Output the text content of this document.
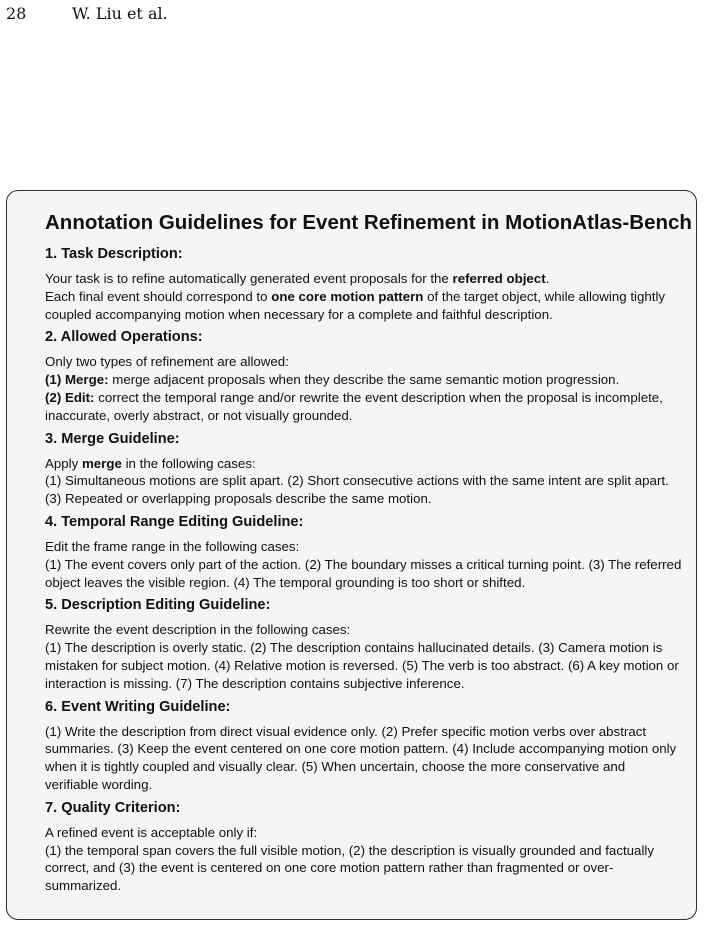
28	W. Liu et al.
Annotation Guidelines for Event Refinement in MotionAtlas-Bench
1. Task Description:
Your task is to refine automatically generated event proposals for the referred object.
Each final event should correspond to one core motion pattern of the target object, while allowing tightly coupled accompanying motion when necessary for a complete and faithful description.
2. Allowed Operations:
Only two types of refinement are allowed:
(1) Merge: merge adjacent proposals when they describe the same semantic motion progression.
(2) Edit: correct the temporal range and/or rewrite the event description when the proposal is incomplete, inaccurate, overly abstract, or not visually grounded.
3. Merge Guideline:
Apply merge in the following cases:
(1) Simultaneous motions are split apart. (2) Short consecutive actions with the same intent are split apart. (3) Repeated or overlapping proposals describe the same motion.
4. Temporal Range Editing Guideline:
Edit the frame range in the following cases:
(1) The event covers only part of the action. (2) The boundary misses a critical turning point. (3) The referred object leaves the visible region. (4) The temporal grounding is too short or shifted.
5. Description Editing Guideline:
Rewrite the event description in the following cases:
(1) The description is overly static. (2) The description contains hallucinated details. (3) Camera motion is mistaken for subject motion. (4) Relative motion is reversed. (5) The verb is too abstract. (6) A key motion or interaction is missing. (7) The description contains subjective inference.
6. Event Writing Guideline:
(1) Write the description from direct visual evidence only. (2) Prefer specific motion verbs over abstract summaries. (3) Keep the event centered on one core motion pattern. (4) Include accompanying motion only when it is tightly coupled and visually clear. (5) When uncertain, choose the more conservative and verifiable wording.
7. Quality Criterion:
A refined event is acceptable only if:
(1) the temporal span covers the full visible motion, (2) the description is visually grounded and factually correct, and (3) the event is centered on one core motion pattern rather than fragmented or over-summarized.
